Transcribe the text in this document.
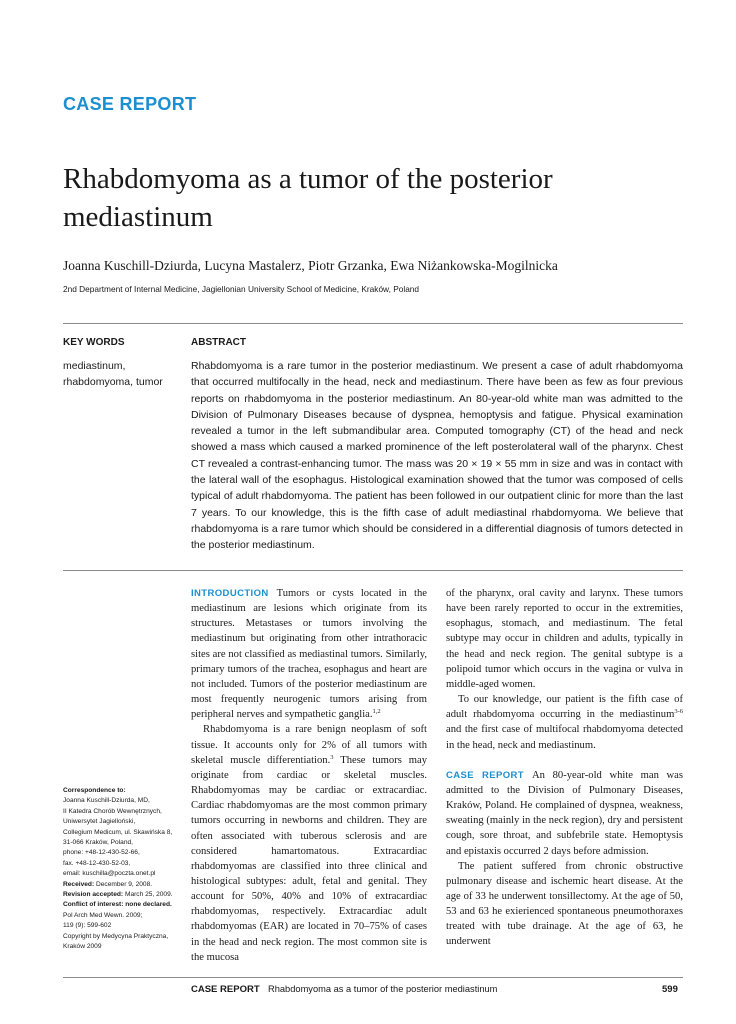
CASE REPORT
Rhabdomyoma as a tumor of the posterior mediastinum
Joanna Kuschill-Dziurda, Lucyna Mastalerz, Piotr Grzanka, Ewa Niżankowska-Mogilnicka
2nd Department of Internal Medicine, Jagiellonian University School of Medicine, Kraków, Poland
KEY WORDS
mediastinum, rhabdomyoma, tumor
ABSTRACT
Rhabdomyoma is a rare tumor in the posterior mediastinum. We present a case of adult rhabdomyoma that occurred multifocally in the head, neck and mediastinum. There have been as few as four previous reports on rhabdomyoma in the posterior mediastinum. An 80-year-old white man was admitted to the Division of Pulmonary Diseases because of dyspnea, hemoptysis and fatigue. Physical examination revealed a tumor in the left submandibular area. Computed tomography (CT) of the head and neck showed a mass which caused a marked prominence of the left posterolateral wall of the pharynx. Chest CT revealed a contrast-enhancing tumor. The mass was 20 × 19 × 55 mm in size and was in contact with the lateral wall of the esophagus. Histological examination showed that the tumor was composed of cells typical of adult rhabdomyoma. The patient has been followed in our outpatient clinic for more than the last 7 years. To our knowledge, this is the fifth case of adult mediastinal rhabdomyoma. We believe that rhabdomyoma is a rare tumor which should be considered in a differential diagnosis of tumors detected in the posterior mediastinum.

INTRODUCTION Tumors or cysts located in the mediastinum are lesions which originate from its structures. Metastases or tumors involving the mediastinum but originating from other intrathoracic sites are not classified as mediastinal tumors. Similarly, primary tumors of the trachea, esophagus and heart are not included. Tumors of the posterior mediastinum are most frequently neurogenic tumors arising from peripheral nerves and sympathetic ganglia.$^{1,2}$

Rhabdomyoma is a rare benign neoplasm of soft tissue. It accounts only for 2% of all tumors with skeletal muscle differentiation.$^3$ These tumors may originate from cardiac or skeletal muscles. Rhabdomyomas may be cardiac or extracardiac. Cardiac rhabdomyomas are the most common primary tumors occurring in newborns and children. They are often associated with tuberous sclerosis and are considered hamartomatous. Extracardiac rhabdomyomas are classified into three clinical and histological subtypes: adult, fetal and genital. They account for 50%, 40% and 10% of extracardiac rhabdomyomas, respectively. Extracardiac adult rhabdomyomas (EAR) are located in 70–75% of cases in the head and neck region. The most common site is the mucosa

of the pharynx, oral cavity and larynx. These tumors have been rarely reported to occur in the extremities, esophagus, stomach, and mediastinum. The fetal subtype may occur in children and adults, typically in the head and neck region. The genital subtype is a polipoid tumor which occurs in the vagina or vulva in middle-aged women.

To our knowledge, our patient is the fifth case of adult rhabdomyoma occurring in the mediastinum$^{3-6}$ and the first case of multifocal rhabdomyoma detected in the head, neck and mediastinum.

CASE REPORT An 80-year-old white man was admitted to the Division of Pulmonary Diseases, Kraków, Poland. He complained of dyspnea, weakness, sweating (mainly in the neck region), dry and persistent cough, sore throat, and subfebrile state. Hemoptysis and epistaxis occurred 2 days before admission.

The patient suffered from chronic obstructive pulmonary disease and ischemic heart disease. At the age of 33 he underwent tonsillectomy. At the age of 50, 53 and 63 he exierienced spontaneous pneumothoraxes treated with tube drainage. At the age of 63, he underwent

Correspondence to:
Joanna Kuschill-Dziurda, MD,
II Katedra Chorób Wewnętrznych,
Uniwersytet Jagielloński,
Collegium Medicum, ul. Skawińska 8,
31-066 Kraków, Poland,
phone: +48-12-430-52-66,
fax. +48-12-430-52-03,
email: kuschilla@poczta.onet.pl
Received: December 9, 2008.
Revision accepted: March 25, 2009.
Conflict of interest: none declared.
Pol Arch Med Wewn. 2009;
119 (9): 599-602
Copyright by Medycyna Praktyczna,
Kraków 2009
CASE REPORT Rhabdomyoma as a tumor of the posterior mediastinum	599
